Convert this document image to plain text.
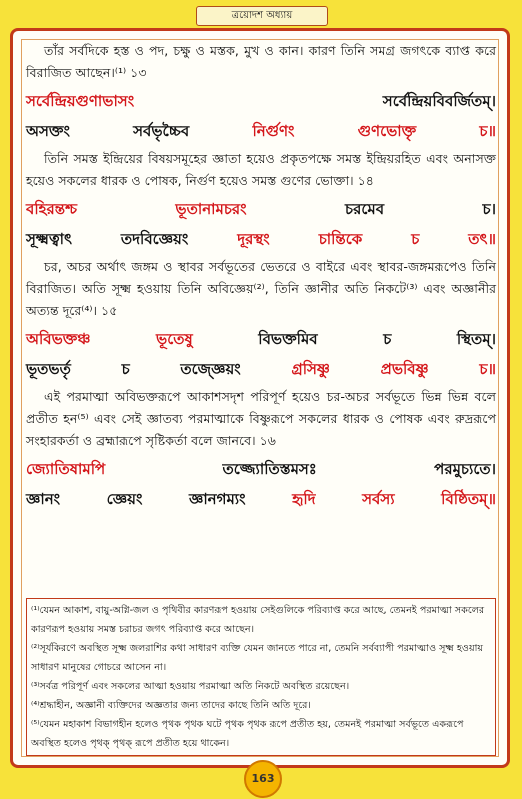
ত্রয়োদশ অধ্যায়

তাঁর সর্বদিকে হস্ত ও পদ, চক্ষু ও মস্তক, মুখ ও কান। কারণ তিনি সমগ্র জগৎকে ব্যাপ্ত করে বিরাজিত আছেন।⁽¹⁾ ১৩

সর্বেন্দ্রিয়গুণাভাসং	সর্বেন্দ্রিয়বিবর্জিতম্।
অসক্তং	সর্বভৃচ্চৈব	নির্গুণং	গুণভোক্তৃ	চ॥

তিনি সমস্ত ইন্দ্রিয়ের বিষয়সমূহের জ্ঞাতা হয়েও প্রকৃতপক্ষে সমস্ত ইন্দ্রিয়রহিত এবং অনাসক্ত হয়েও সকলের ধারক ও পোষক, নির্গুণ হয়েও সমস্ত গুণের ভোক্তা। ১৪

বহিরন্তশ্চ	ভূতানামচরং	চরমেব	চ।
সূক্ষ্মত্বাৎ	তদবিজ্ঞেয়ং	দূরস্থং	চান্তিকে	চ	তৎ॥

চর, অচর অর্থাৎ জঙ্গম ও স্থাবর সর্বভূতের ভেতরে ও বাইরে এবং স্থাবর-জঙ্গমরূপেও তিনি বিরাজিত। অতি সূক্ষ্ম হওয়ায় তিনি অবিজ্ঞেয়⁽²⁾, তিনি জ্ঞানীর অতি নিকটে⁽³⁾ এবং অজ্ঞানীর অত্যন্ত দূরে⁽⁴⁾। ১৫

অবিভক্তঞ্চ	ভূতেষু	বিভক্তমিব	চ	স্থিতম্।
ভূতভর্তৃ	চ	তজ্জ্ঞেয়ং	গ্রসিষ্ণু	প্রভবিষ্ণু	চ॥

এই পরমাত্মা অবিভক্তরূপে আকাশসদৃশ পরিপূর্ণ হয়েও চর-অচর সর্বভূতে ভিন্ন ভিন্ন বলে প্রতীত হন⁽⁵⁾ এবং সেই জ্ঞাতব্য পরমাত্মাকে বিষ্ণুরূপে সকলের ধারক ও পোষক এবং রুদ্ররূপে সংহারকর্তা ও ব্রহ্মারূপে সৃষ্টিকর্তা বলে জানবে। ১৬

জ্যোতিষামপি	তজ্জ্যোতিস্তমসঃ	পরমুচ্যতে।
জ্ঞানং	জ্ঞেয়ং	জ্ঞানগম্যং	হৃদি	সর্বস্য	বিষ্ঠিতম্॥

⁽¹⁾যেমন আকাশ, বায়ু-অগ্নি-জল ও পৃথিবীর কারণরূপ হওয়ায় সেইগুলিকে পরিব্যাপ্ত করে আছে, তেমনই পরমাত্মা সকলের কারণরূপ হওয়ায় সমস্ত চরাচর জগৎ পরিব্যাপ্ত করে আছেন।

⁽²⁾সূর্যকিরণে অবস্থিত সূক্ষ্ম জলরাশির কথা সাধারণ ব্যক্তি যেমন জানতে পারে না, তেমনি সর্বব্যাপী পরমাত্মাও সূক্ষ্ম হওয়ায় সাধারণ মানুষের গোচরে আসেন না।

⁽³⁾সর্বত্র পরিপূর্ণ এবং সকলের আত্মা হওয়ায় পরমাত্মা অতি নিকটে অবস্থিত রয়েছেন।

⁽⁴⁾শ্রদ্ধাহীন, অজ্ঞানী ব্যক্তিদের অজ্ঞতার জন্য তাদের কাছে তিনি অতি দূরে।

⁽⁵⁾যেমন মহাকাশ বিভাগহীন হলেও পৃথক পৃথক ঘটে পৃথক পৃথক রূপে প্রতীত হয়, তেমনই পরমাত্মা সর্বভূতে একরূপে অবস্থিত হলেও পৃথক্ পৃথক্ রূপে প্রতীত হয়ে থাকেন।

163
